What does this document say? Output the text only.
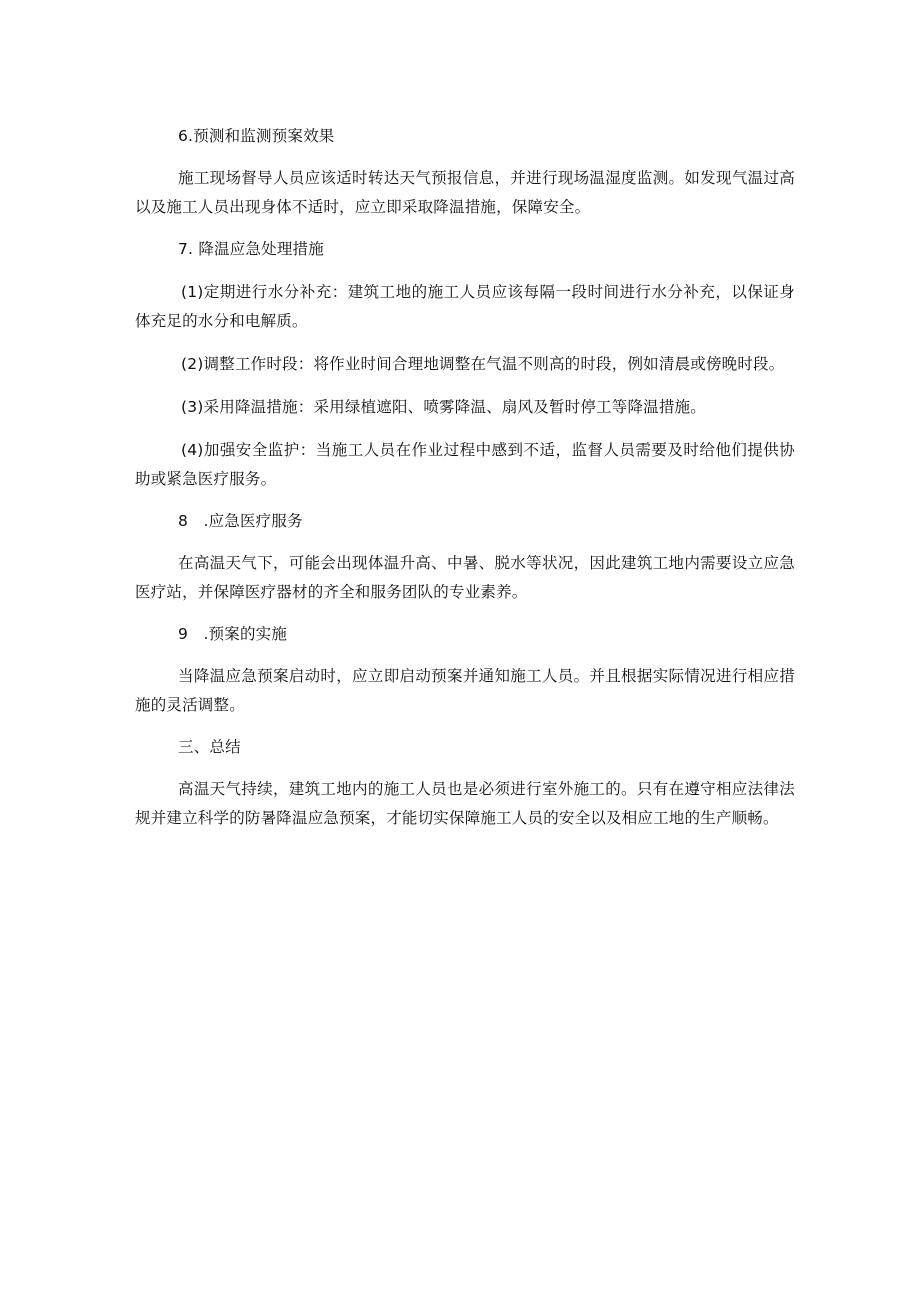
6.预测和监测预案效果

施工现场督导人员应该适时转达天气预报信息，并进行现场温湿度监测。如发现气温过高以及施工人员出现身体不适时，应立即采取降温措施，保障安全。

7. 降温应急处理措施

(1)定期进行水分补充：建筑工地的施工人员应该每隔一段时间进行水分补充，以保证身体充足的水分和电解质。

(2)调整工作时段：将作业时间合理地调整在气温不则高的时段，例如清晨或傍晚时段。

(3)采用降温措施：采用绿植遮阳、喷雾降温、扇风及暂时停工等降温措施。

(4)加强安全监护：当施工人员在作业过程中感到不适，监督人员需要及时给他们提供协助或紧急医疗服务。

8   .应急医疗服务

在高温天气下，可能会出现体温升高、中暑、脱水等状况，因此建筑工地内需要设立应急医疗站，并保障医疗器材的齐全和服务团队的专业素养。

9   .预案的实施

当降温应急预案启动时，应立即启动预案并通知施工人员。并且根据实际情况进行相应措施的灵活调整。

三、总结

高温天气持续，建筑工地内的施工人员也是必须进行室外施工的。只有在遵守相应法律法规并建立科学的防暑降温应急预案，才能切实保障施工人员的安全以及相应工地的生产顺畅。
